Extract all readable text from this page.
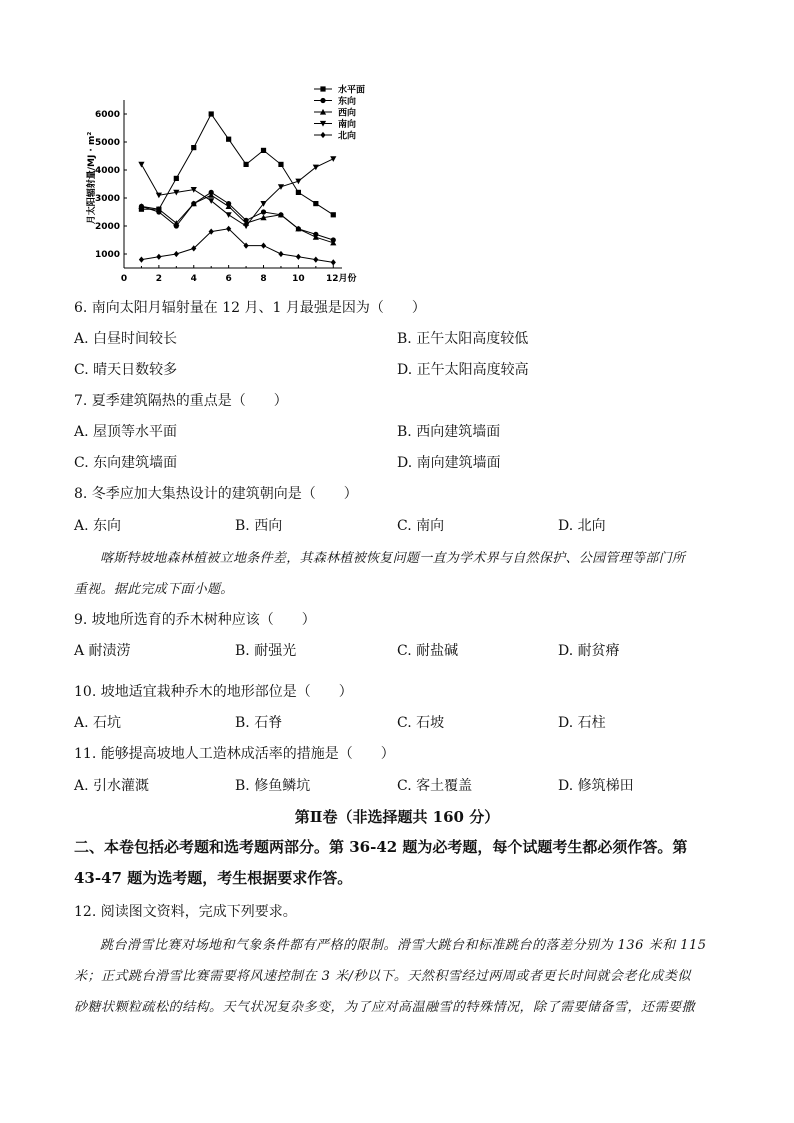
0	2	4	6	8	10 12月份
1000
2000
3000
4000
5000
6000
水平面
东向
西向
南向
北向
月太阳辐射量/MJ · m²
6. 南向太阳月辐射量在 12 月、1 月最强是因为（　　）
A. 白昼时间较长	B. 正午太阳高度较低
C. 晴天日数较多	D. 正午太阳高度较高
7. 夏季建筑隔热的重点是（　　）
A. 屋顶等水平面	B. 西向建筑墙面
C. 东向建筑墙面	D. 南向建筑墙面
8. 冬季应加大集热设计的建筑朝向是（　　）
A. 东向	B. 西向	C. 南向	D. 北向
喀斯特坡地森林植被立地条件差，其森林植被恢复问题一直为学术界与自然保护、公园管理等部门所
重视。据此完成下面小题。
9. 坡地所选育的乔木树种应该（　　）
A 耐渍涝	B. 耐强光	C. 耐盐碱	D. 耐贫瘠
10. 坡地适宜栽种乔木的地形部位是（　　）
A. 石坑	B. 石脊	C. 石坡	D. 石柱
11. 能够提高坡地人工造林成活率的措施是（　　）
A. 引水灌溉	B. 修鱼鳞坑	C. 客土覆盖	D. 修筑梯田
第Ⅱ卷（非选择题共 160 分）
二、本卷包括必考题和选考题两部分。第 36-42 题为必考题，每个试题考生都必须作答。第
43-47 题为选考题，考生根据要求作答。
12. 阅读图文资料，完成下列要求。
跳台滑雪比赛对场地和气象条件都有严格的限制。滑雪大跳台和标准跳台的落差分别为 136 米和 115
米；正式跳台滑雪比赛需要将风速控制在 3 米/秒以下。天然积雪经过两周或者更长时间就会老化成类似
砂糖状颗粒疏松的结构。天气状况复杂多变，为了应对高温融雪的特殊情况，除了需要储备雪，还需要撒
